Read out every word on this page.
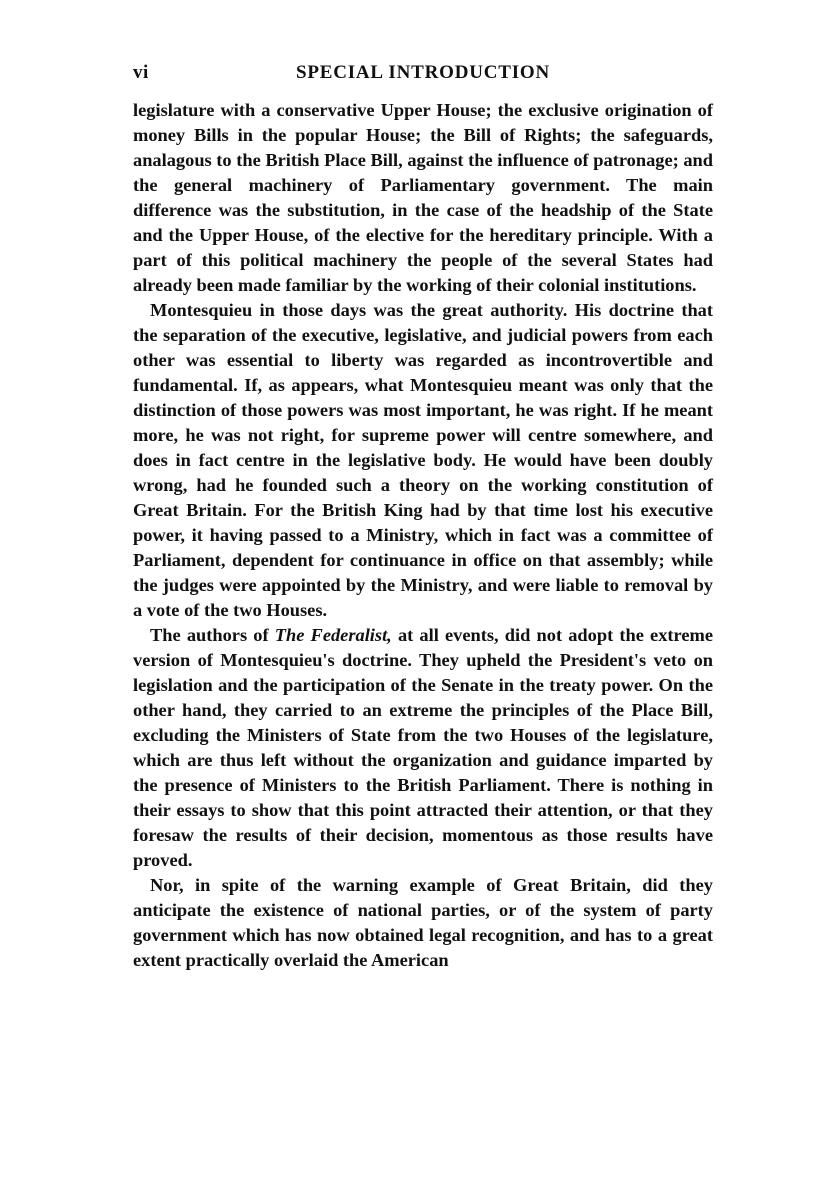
vi	SPECIAL INTRODUCTION

legislature with a conservative Upper House; the exclusive origination of money Bills in the popular House; the Bill of Rights; the safeguards, analagous to the British Place Bill, against the influence of patronage; and the general machinery of Parliamentary government. The main difference was the substitution, in the case of the headship of the State and the Upper House, of the elective for the hereditary principle. With a part of this political machinery the people of the several States had already been made familiar by the working of their colonial institutions.

Montesquieu in those days was the great authority. His doctrine that the separation of the executive, legislative, and judicial powers from each other was essential to liberty was regarded as incontrovertible and fundamental. If, as appears, what Montesquieu meant was only that the distinction of those powers was most important, he was right. If he meant more, he was not right, for supreme power will centre somewhere, and does in fact centre in the legislative body. He would have been doubly wrong, had he founded such a theory on the working constitution of Great Britain. For the British King had by that time lost his executive power, it having passed to a Ministry, which in fact was a committee of Parliament, dependent for continuance in office on that assembly; while the judges were appointed by the Ministry, and were liable to removal by a vote of the two Houses.

The authors of The Federalist, at all events, did not adopt the extreme version of Montesquieu's doctrine. They upheld the President's veto on legislation and the participation of the Senate in the treaty power. On the other hand, they carried to an extreme the principles of the Place Bill, excluding the Ministers of State from the two Houses of the legislature, which are thus left without the organization and guidance imparted by the presence of Ministers to the British Parliament. There is nothing in their essays to show that this point attracted their attention, or that they foresaw the results of their decision, momentous as those results have proved.

Nor, in spite of the warning example of Great Britain, did they anticipate the existence of national parties, or of the system of party government which has now obtained legal recognition, and has to a great extent practically overlaid the American
